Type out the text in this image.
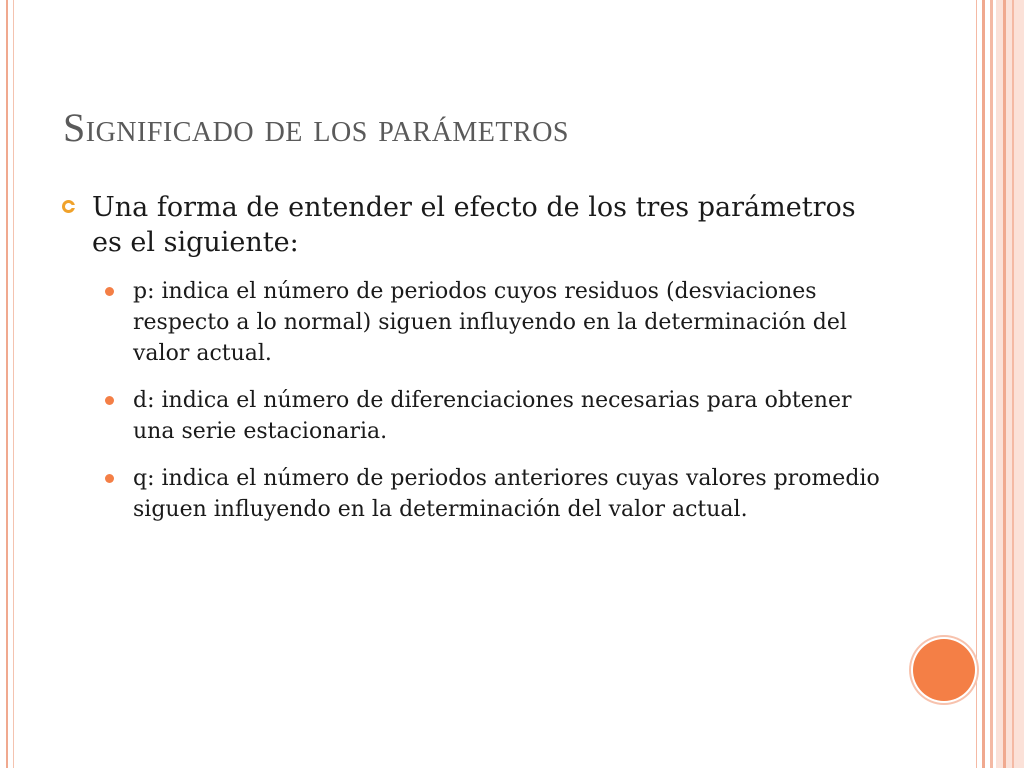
Significado de los parámetros
Una forma de entender el efecto de los tres parámetros es el siguiente:
p: indica el número de periodos cuyos residuos (desviaciones respecto a lo normal) siguen influyendo en la determinación del valor actual.
d: indica el número de diferenciaciones necesarias para obtener una serie estacionaria.
q: indica el número de periodos anteriores cuyas valores promedio siguen influyendo en la determinación del valor actual.
